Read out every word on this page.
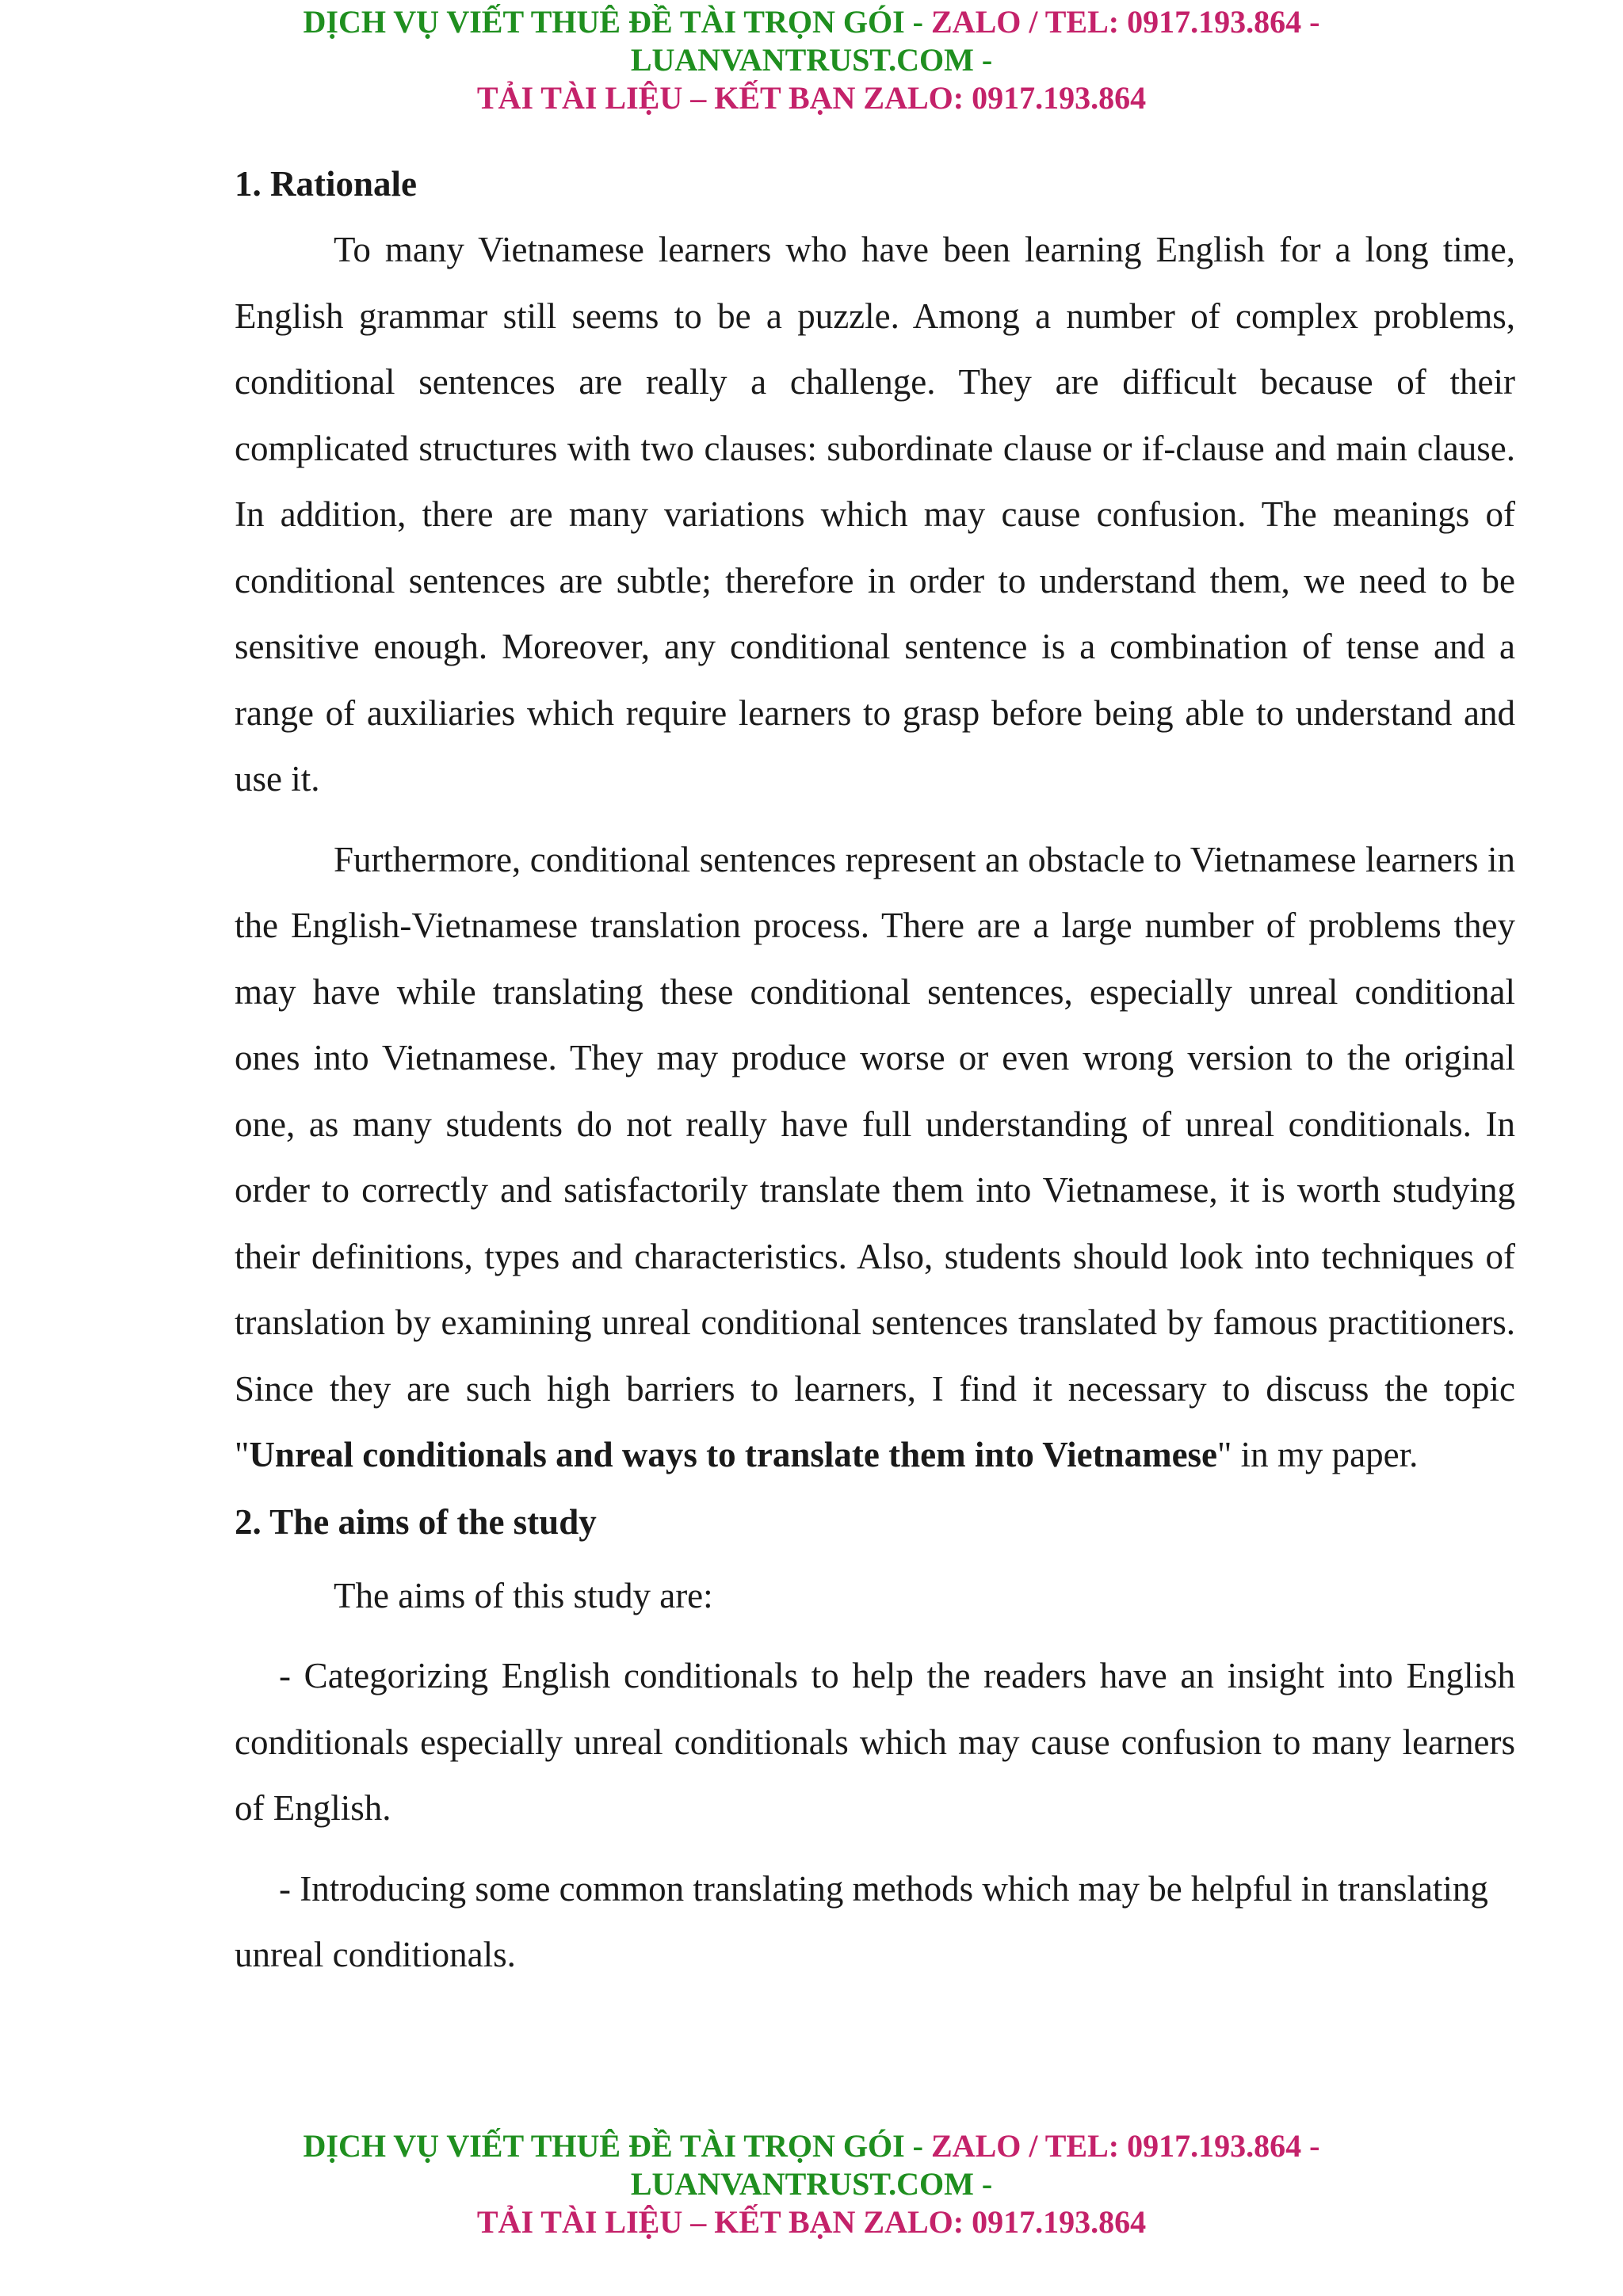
DỊCH VỤ VIẾT THUÊ ĐỀ TÀI TRỌN GÓI - ZALO / TEL: 0917.193.864 -
LUANVANTRUST.COM -
TẢI TÀI LIỆU – KẾT BẠN ZALO: 0917.193.864

1. Rationale

To many Vietnamese learners who have been learning English for a long time, English grammar still seems to be a puzzle. Among a number of complex problems, conditional sentences are really a challenge. They are difficult because of their complicated structures with two clauses: subordinate clause or if-clause and main clause. In addition, there are many variations which may cause confusion. The meanings of conditional sentences are subtle; therefore in order to understand them, we need to be sensitive enough. Moreover, any conditional sentence is a combination of tense and a range of auxiliaries which require learners to grasp before being able to understand and use it.

Furthermore, conditional sentences represent an obstacle to Vietnamese learners in the English-Vietnamese translation process. There are a large number of problems they may have while translating these conditional sentences, especially unreal conditional ones into Vietnamese. They may produce worse or even wrong version to the original one, as many students do not really have full understanding of unreal conditionals. In order to correctly and satisfactorily translate them into Vietnamese, it is worth studying their definitions, types and characteristics. Also, students should look into techniques of translation by examining unreal conditional sentences translated by famous practitioners. Since they are such high barriers to learners, I find it necessary to discuss the topic "Unreal conditionals and ways to translate them into Vietnamese" in my paper.

2. The aims of the study

The aims of this study are:

- Categorizing English conditionals to help the readers have an insight into English conditionals especially unreal conditionals which may cause confusion to many learners of English.

- Introducing some common translating methods which may be helpful in translating unreal conditionals.

DỊCH VỤ VIẾT THUÊ ĐỀ TÀI TRỌN GÓI - ZALO / TEL: 0917.193.864 -
LUANVANTRUST.COM -
TẢI TÀI LIỆU – KẾT BẠN ZALO: 0917.193.864
